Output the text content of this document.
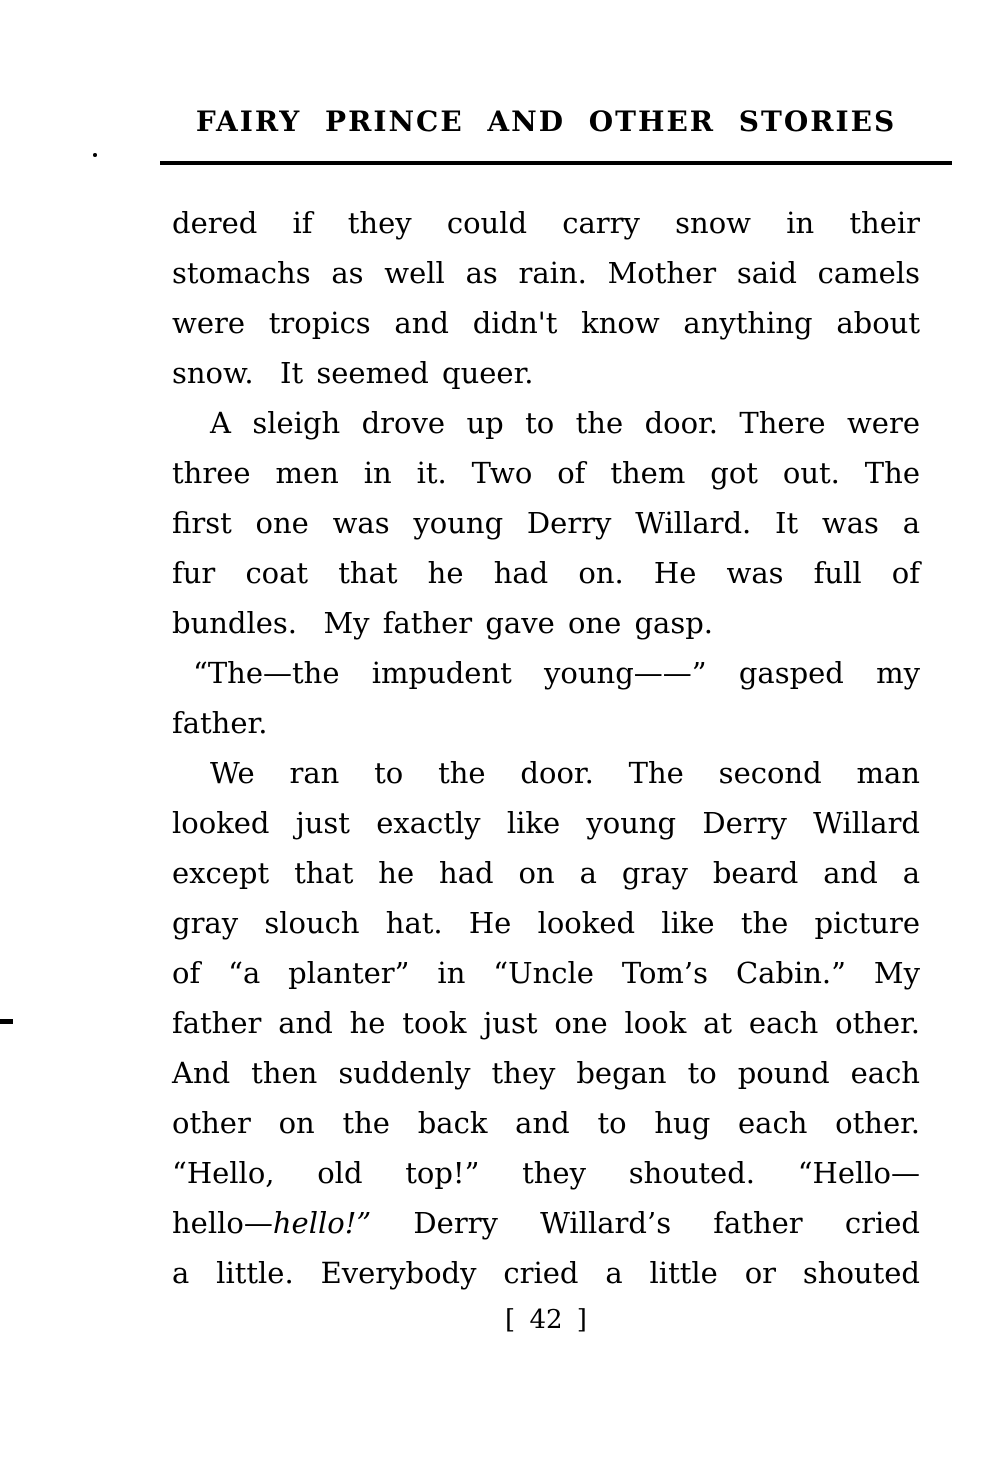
FAIRY PRINCE AND OTHER STORIES
dered if they could carry snow in their
stomachs as well as rain. Mother said camels
were tropics and didn't know anything about
snow.  It seemed queer.
A sleigh drove up to the door. There were
three men in it. Two of them got out. The
first one was young Derry Willard. It was a
fur coat that he had on. He was full of
bundles.  My father gave one gasp.
“The—the impudent young——” gasped my
father.
We ran to the door. The second man
looked just exactly like young Derry Willard
except that he had on a gray beard and a
gray slouch hat. He looked like the picture
of “a planter” in “Uncle Tom’s Cabin.” My
father and he took just one look at each other.
And then suddenly they began to pound each
other on the back and to hug each other.
“Hello, old top!” they shouted. “Hello—
hello—hello!” Derry Willard’s father cried
a little. Everybody cried a little or shouted
[ 42 ]
